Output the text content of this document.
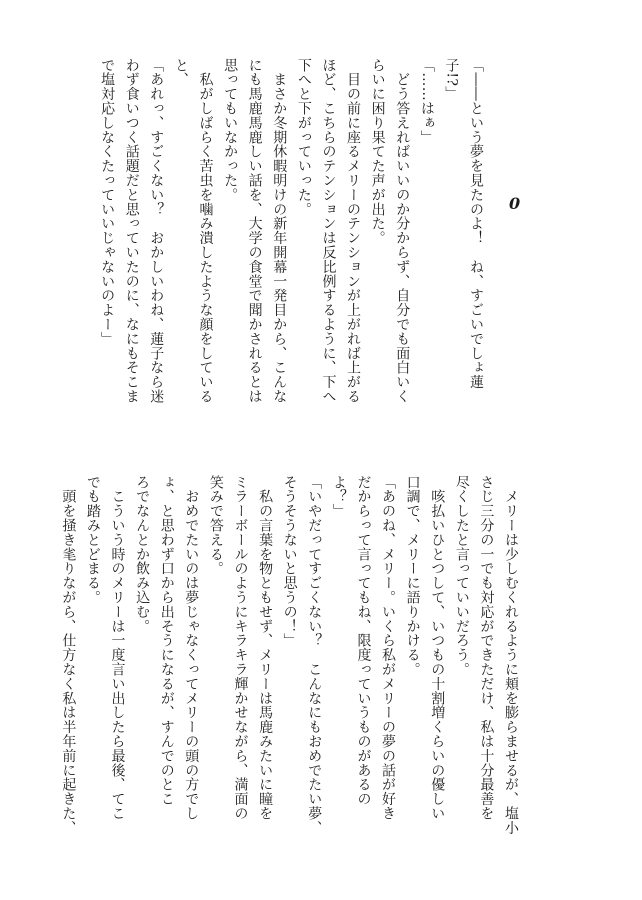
0
「――という夢を見たのよ！　ね、すごいでしょ蓮
子!?」
「……はぁ」
　どう答えればいいのか分からず、自分でも面白いく
らいに困り果てた声が出た。
　目の前に座るメリーのテンションが上がれば上がる
ほど、こちらのテンションは反比例するように、下へ
下へと下がっていった。
　まさか冬期休暇明けの新年開幕一発目から、こんな
にも馬鹿馬鹿しい話を、大学の食堂で聞かされるとは
思ってもいなかった。
　私がしばらく苦虫を噛み潰したような顔をしている
と、
「あれっ、すごくない？　おかしいわね、蓮子なら迷
わず食いつく話題だと思っていたのに、なにもそこま
で塩対応しなくたっていいじゃないのよー」
　メリーは少しむくれるように頬を膨らませるが、塩小
さじ三分の一でも対応ができただけ、私は十分最善を
尽くしたと言っていいだろう。
　咳払いひとつして、いつもの十割増くらいの優しい
口調で、メリーに語りかける。
「あのね、メリー。いくら私がメリーの夢の話が好き
だからって言ってもね、限度っていうものがあるの
よ？」
「いやだってすごくない？　こんなにもおめでたい夢、
そうそうないと思うの！」
　私の言葉を物ともせず、メリーは馬鹿みたいに瞳を
ミラーボールのようにキラキラ輝かせながら、満面の
笑みで答える。
　おめでたいのは夢じゃなくってメリーの頭の方でし
ょ、と思わず口から出そうになるが、すんでのとこ
ろでなんとか飲み込む。
　こういう時のメリーは一度言い出したら最後、てこ
でも踏みとどまる。
　頭を掻き毟りながら、仕方なく私は半年前に起きた、
